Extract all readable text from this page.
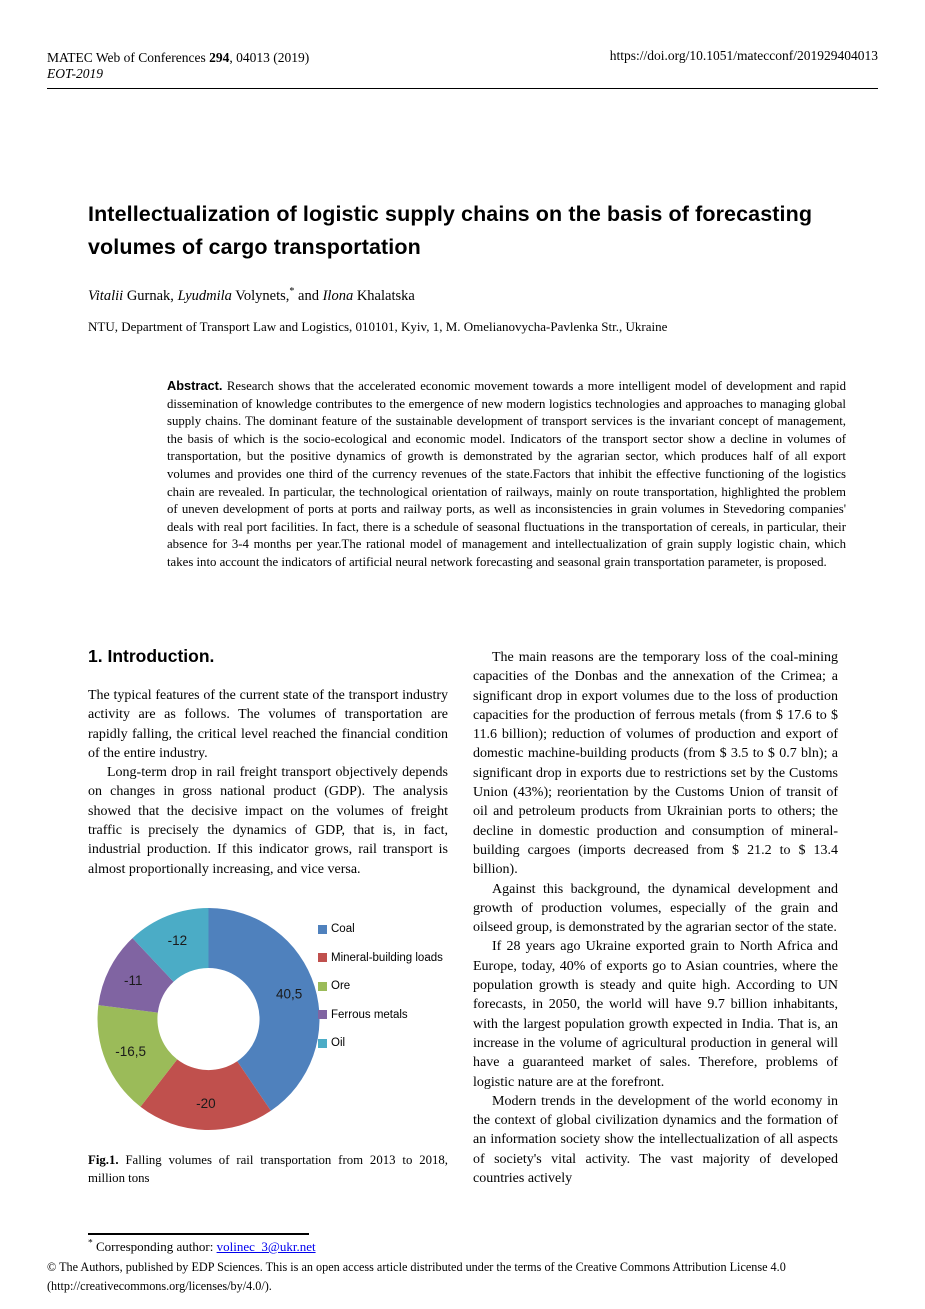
MATEC Web of Conferences 294, 04013 (2019)
EOT-2019
https://doi.org/10.1051/matecconf/201929404013
Intellectualization of logistic supply chains on the basis of forecasting volumes of cargo transportation
Vitalii Gurnak, Lyudmila Volynets,* and Ilona Khalatska
NTU, Department of Transport Law and Logistics, 010101, Kyiv, 1, M. Omelianovycha-Pavlenka Str., Ukraine
Abstract. Research shows that the accelerated economic movement towards a more intelligent model of development and rapid dissemination of knowledge contributes to the emergence of new modern logistics technologies and approaches to managing global supply chains. The dominant feature of the sustainable development of transport services is the invariant concept of management, the basis of which is the socio-ecological and economic model. Indicators of the transport sector show a decline in volumes of transportation, but the positive dynamics of growth is demonstrated by the agrarian sector, which produces half of all export volumes and provides one third of the currency revenues of the state.Factors that inhibit the effective functioning of the logistics chain are revealed. In particular, the technological orientation of railways, mainly on route transportation, highlighted the problem of uneven development of ports at ports and railway ports, as well as inconsistencies in grain volumes in Stevedoring companies' deals with real port facilities. In fact, there is a schedule of seasonal fluctuations in the transportation of cereals, in particular, their absence for 3-4 months per year.The rational model of management and intellectualization of grain supply logistic chain, which takes into account the indicators of artificial neural network forecasting and seasonal grain transportation parameter, is proposed.
1. Introduction.

The typical features of the current state of the transport industry activity are as follows. The volumes of transportation are rapidly falling, the critical level reached the financial condition of the entire industry.

Long-term drop in rail freight transport objectively depends on changes in gross national product (GDP). The analysis showed that the decisive impact on the volumes of freight traffic is precisely the dynamics of GDP, that is, in fact, industrial production. If this indicator grows, rail transport is almost proportionally increasing, and vice versa.

The main reasons are the temporary loss of the coal-mining capacities of the Donbas and the annexation of the Crimea; a significant drop in export volumes due to the loss of production capacities for the production of ferrous metals (from $ 17.6 to $ 11.6 billion); reduction of volumes of production and export of domestic machine-building products (from $ 3.5 to $ 0.7 bln); a significant drop in exports due to restrictions set by the Customs Union (43%); reorientation by the Customs Union of transit of oil and petroleum products from Ukrainian ports to others; the decline in domestic production and consumption of mineral-building cargoes (imports decreased from $ 21.2 to $ 13.4 billion).

Against this background, the dynamical development and growth of production volumes, especially of the grain and oilseed group, is demonstrated by the agrarian sector of the state.

If 28 years ago Ukraine exported grain to North Africa and Europe, today, 40% of exports go to Asian countries, where the population growth is steady and quite high. According to UN forecasts, in 2050, the world will have 9.7 billion inhabitants, with the largest population growth expected in India. That is, an increase in the volume of agricultural production in general will have a guaranteed market of sales. Therefore, problems of logistic nature are at the forefront.

Modern trends in the development of the world economy in the context of global civilization dynamics and the formation of an information society show the intellectualization of all aspects of society's vital activity. The vast majority of developed countries actively

40,5
-20
-16,5
-11
-12
Coal
Mineral-building loads
Ore
Ferrous metals
Oil
Fig.1. Falling volumes of rail transportation from 2013 to 2018, million tons
* Corresponding author: volinec_3@ukr.net
© The Authors, published by EDP Sciences. This is an open access article distributed under the terms of the Creative Commons Attribution License 4.0 (http://creativecommons.org/licenses/by/4.0/).
